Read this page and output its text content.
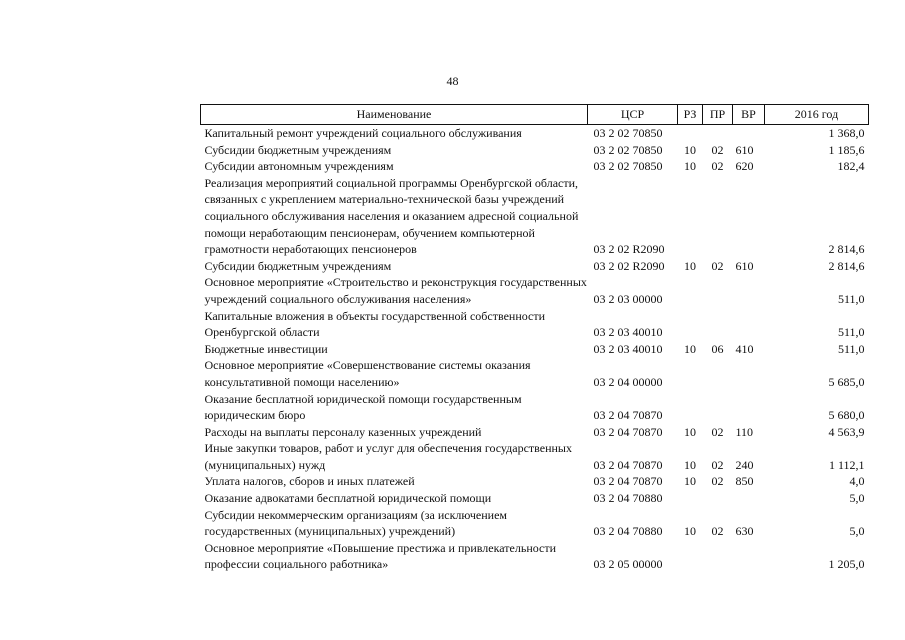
48
Наименование	ЦСР	РЗ	ПР	ВР	2016 год
Капитальный ремонт учреждений социального обслуживания	03 2 02 70850				1 368,0
Субсидии бюджетным учреждениям	03 2 02 70850	10	02	610	1 185,6
Субсидии автономным учреждениям	03 2 02 70850	10	02	620	182,4
Реализация мероприятий социальной программы Оренбургской области, связанных с укреплением материально-технической базы учреждений социального обслуживания населения и оказанием адресной социальной помощи неработающим пенсионерам, обучением компьютерной грамотности неработающих пенсионеров	03 2 02 R2090				2 814,6
Субсидии бюджетным учреждениям	03 2 02 R2090	10	02	610	2 814,6
Основное мероприятие «Строительство и реконструкция государственных учреждений социального обслуживания населения»	03 2 03 00000				511,0
Капитальные вложения в объекты государственной собственности Оренбургской области	03 2 03 40010				511,0
Бюджетные инвестиции	03 2 03 40010	10	06	410	511,0
Основное мероприятие «Совершенствование системы оказания консультативной помощи населению»	03 2 04 00000				5 685,0
Оказание бесплатной юридической помощи государственным юридическим бюро	03 2 04 70870				5 680,0
Расходы на выплаты персоналу казенных учреждений	03 2 04 70870	10	02	110	4 563,9
Иные закупки товаров, работ и услуг для обеспечения государственных (муниципальных) нужд	03 2 04 70870	10	02	240	1 112,1
Уплата налогов, сборов и иных платежей	03 2 04 70870	10	02	850	4,0
Оказание адвокатами бесплатной юридической помощи	03 2 04 70880				5,0
Субсидии некоммерческим организациям (за исключением государственных (муниципальных) учреждений)	03 2 04 70880	10	02	630	5,0
Основное мероприятие «Повышение престижа и привлекательности профессии социального работника»	03 2 05 00000				1 205,0
